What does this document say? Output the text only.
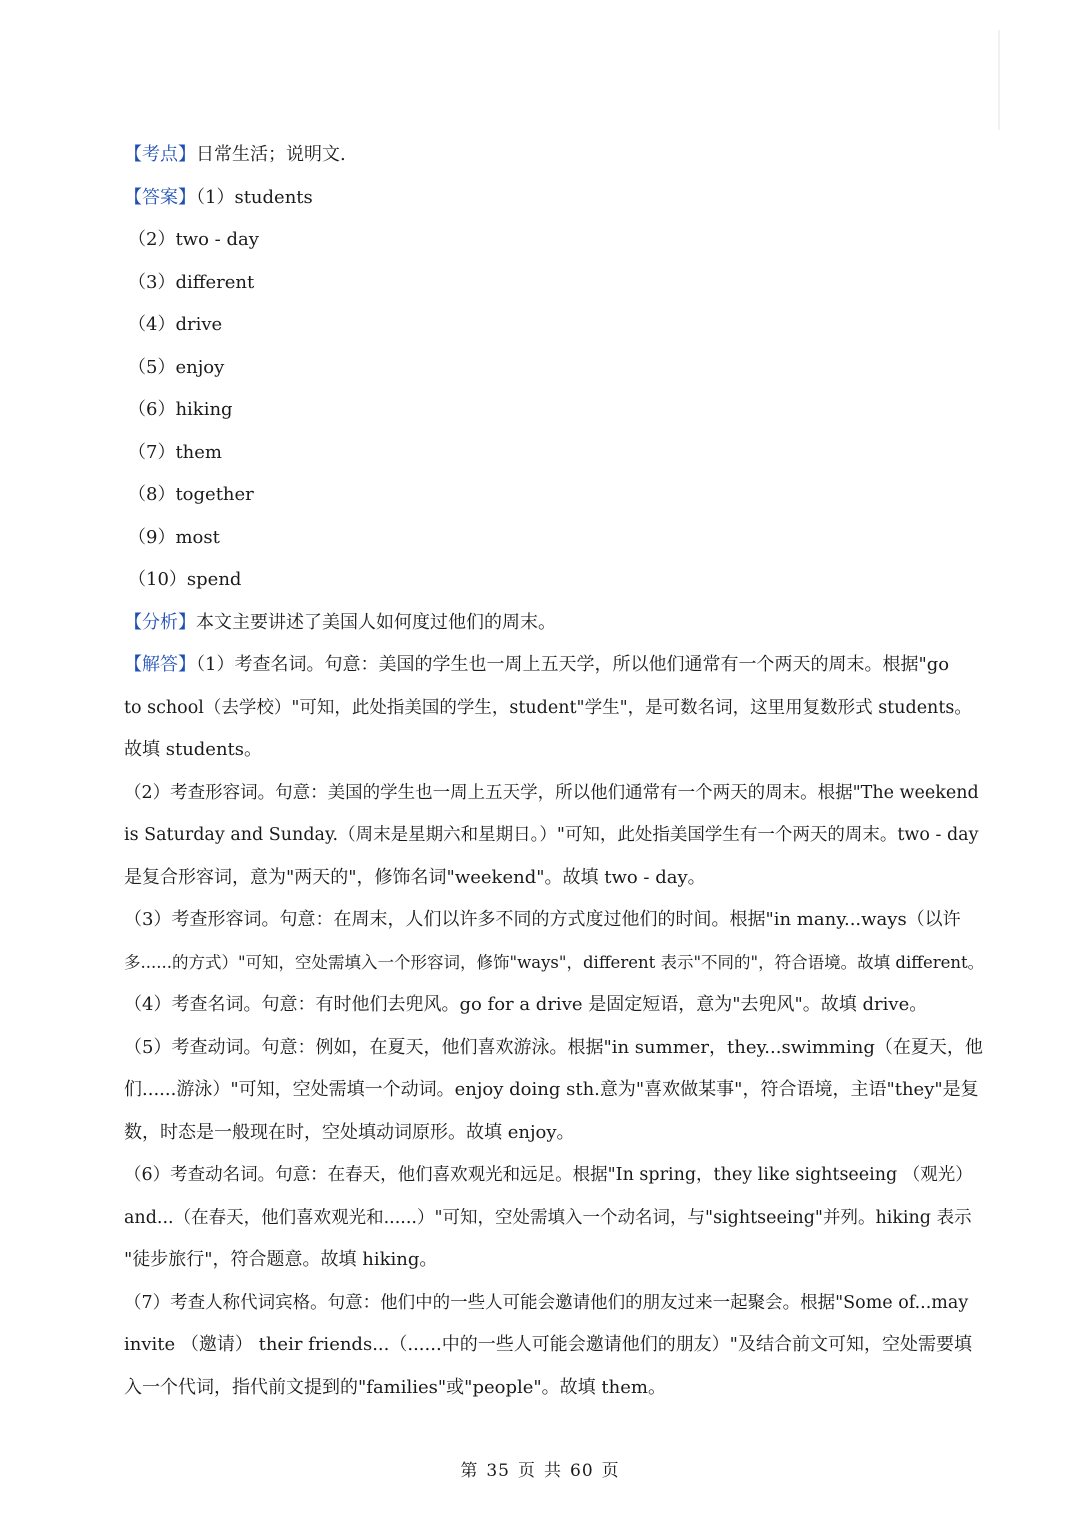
【考点】日常生活；说明文.
【答案】（1）students
（2）two - day
（3）different
（4）drive
（5）enjoy
（6）hiking
（7）them
（8）together
（9）most
（10）spend
【分析】本文主要讲述了美国人如何度过他们的周末。
【解答】（1）考查名词。句意：美国的学生也一周上五天学，所以他们通常有一个两天的周末。根据"go
to school（去学校）"可知，此处指美国的学生，student"学生"，是可数名词，这里用复数形式 students。
故填 students。
（2）考查形容词。句意：美国的学生也一周上五天学，所以他们通常有一个两天的周末。根据"The weekend
is Saturday and Sunday.（周末是星期六和星期日。）"可知，此处指美国学生有一个两天的周末。two - day
是复合形容词，意为"两天的"，修饰名词"weekend"。故填 two - day。
（3）考查形容词。句意：在周末，人们以许多不同的方式度过他们的时间。根据"in many...ways（以许
多......的方式）"可知，空处需填入一个形容词，修饰"ways"，different 表示"不同的"，符合语境。故填 different。
（4）考查名词。句意：有时他们去兜风。go for a drive 是固定短语，意为"去兜风"。故填 drive。
（5）考查动词。句意：例如，在夏天，他们喜欢游泳。根据"in summer，they...swimming（在夏天，他
们......游泳）"可知，空处需填一个动词。enjoy doing sth.意为"喜欢做某事"，符合语境，主语"they"是复
数，时态是一般现在时，空处填动词原形。故填 enjoy。
（6）考查动名词。句意：在春天，他们喜欢观光和远足。根据"In spring，they like sightseeing （观光）
and...（在春天，他们喜欢观光和......）"可知，空处需填入一个动名词，与"sightseeing"并列。hiking 表示
"徒步旅行"，符合题意。故填 hiking。
（7）考查人称代词宾格。句意：他们中的一些人可能会邀请他们的朋友过来一起聚会。根据"Some of...may
invite （邀请） their friends...（......中的一些人可能会邀请他们的朋友）"及结合前文可知，空处需要填
入一个代词，指代前文提到的"families"或"people"。故填 them。
第 35 页 共 60 页
